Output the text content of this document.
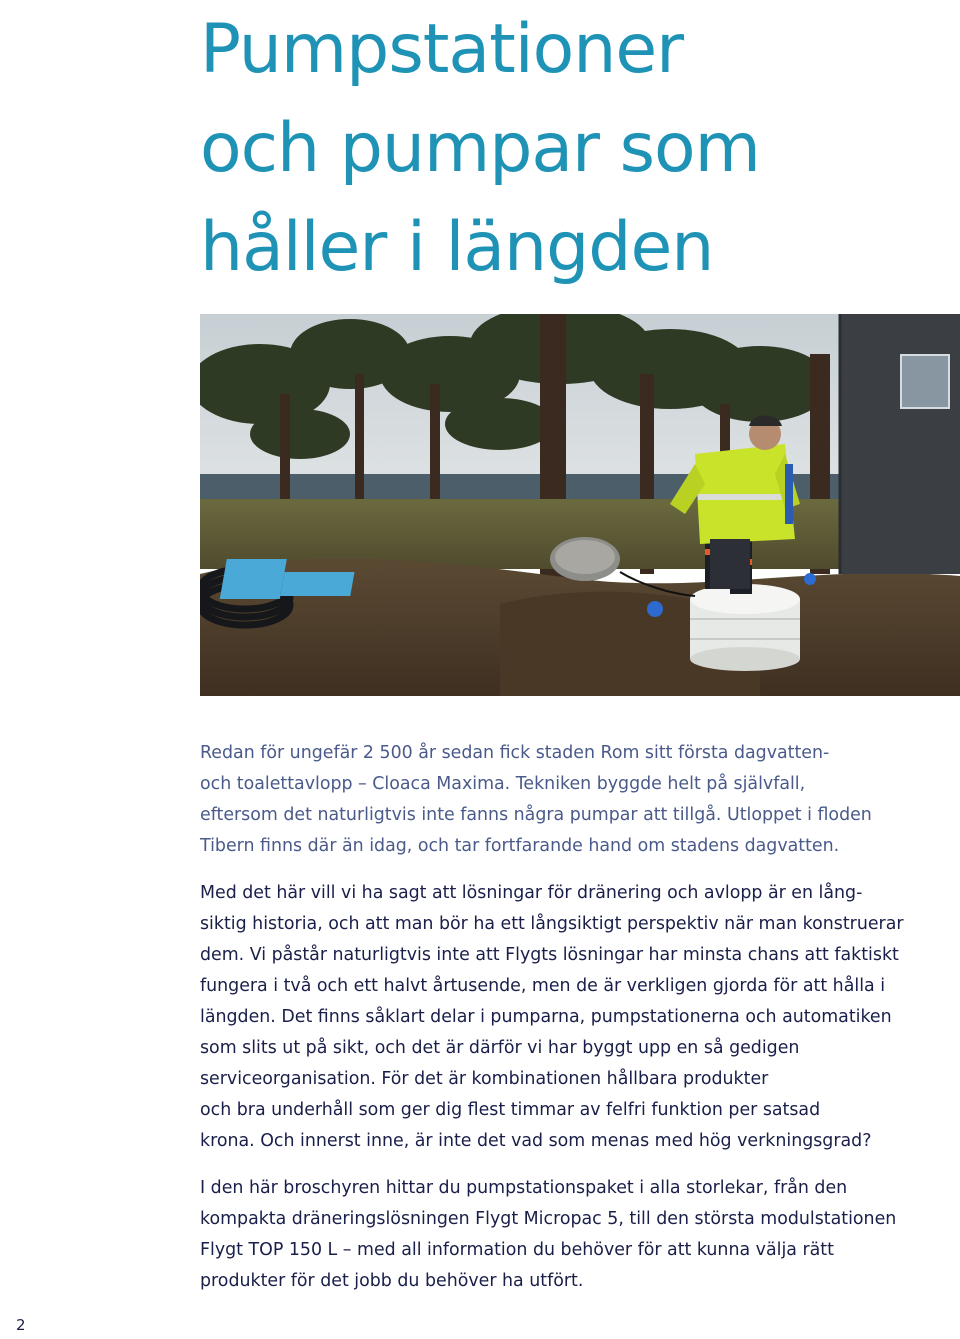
Pumpstationer
och pumpar som
håller i längden

Redan för ungefär 2 500 år sedan fick staden Rom sitt första dagvatten-
och toalettavlopp – Cloaca Maxima. Tekniken byggde helt på självfall,
eftersom det naturligtvis inte fanns några pumpar att tillgå. Utloppet i floden
Tibern finns där än idag, och tar fortfarande hand om stadens dagvatten.

Med det här vill vi ha sagt att lösningar för dränering och avlopp är en lång-
siktig historia, och att man bör ha ett långsiktigt perspektiv när man konstruerar
dem. Vi påstår naturligtvis inte att Flygts lösningar har minsta chans att faktiskt
fungera i två och ett halvt årtusende, men de är verkligen gjorda för att hålla i
längden. Det finns såklart delar i pumparna, pumpstationerna och automatiken
som slits ut på sikt, och det är därför vi har byggt upp en så gedigen
serviceorganisation. För det är kombinationen hållbara produkter
och bra underhåll som ger dig flest timmar av felfri funktion per satsad
krona. Och innerst inne, är inte det vad som menas med hög verkningsgrad?

I den här broschyren hittar du pumpstationspaket i alla storlekar, från den
kompakta dräneringslösningen Flygt Micropac 5, till den största modulstationen
Flygt TOP 150 L – med all information du behöver för att kunna välja rätt
produkter för det jobb du behöver ha utfört.

2
